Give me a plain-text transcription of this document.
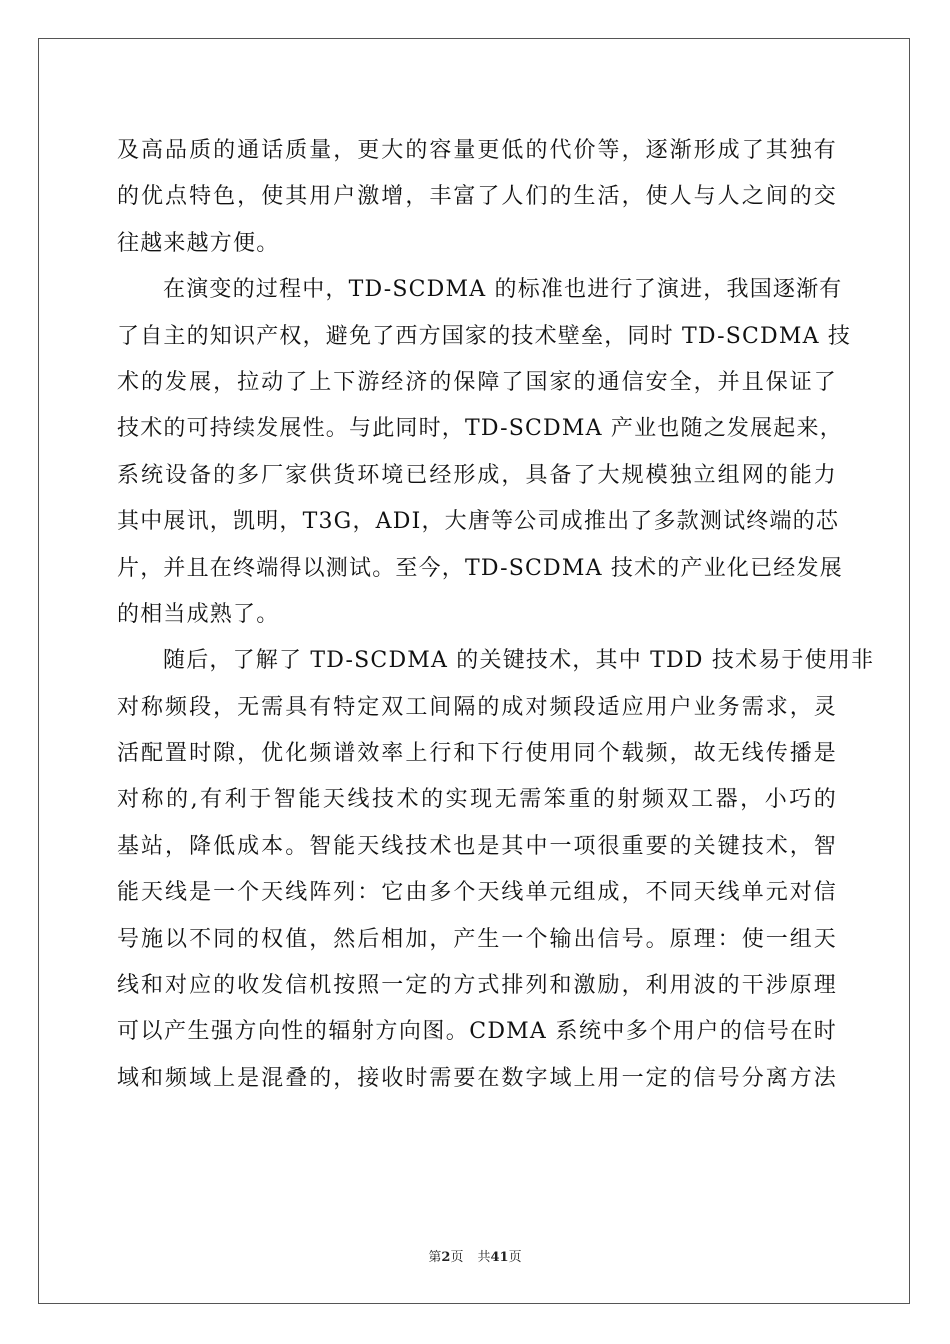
及高品质的通话质量，更大的容量更低的代价等，逐渐形成了其独有
的优点特色，使其用户激增，丰富了人们的生活，使人与人之间的交
往越来越方便。
在演变的过程中，TD-SCDMA 的标准也进行了演进，我国逐渐有
了自主的知识产权，避免了西方国家的技术壁垒，同时 TD-SCDMA 技
术的发展，拉动了上下游经济的保障了国家的通信安全，并且保证了
技术的可持续发展性。与此同时，TD-SCDMA 产业也随之发展起来，
系统设备的多厂家供货环境已经形成，具备了大规模独立组网的能力
其中展讯，凯明，T3G，ADI，大唐等公司成推出了多款测试终端的芯
片，并且在终端得以测试。至今，TD-SCDMA 技术的产业化已经发展
的相当成熟了。
随后，了解了 TD-SCDMA 的关键技术，其中 TDD 技术易于使用非
对称频段，无需具有特定双工间隔的成对频段适应用户业务需求，灵
活配置时隙，优化频谱效率上行和下行使用同个载频，故无线传播是
对称的,有利于智能天线技术的实现无需笨重的射频双工器，小巧的
基站，降低成本。智能天线技术也是其中一项很重要的关键技术，智
能天线是一个天线阵列：它由多个天线单元组成，不同天线单元对信
号施以不同的权值，然后相加，产生一个输出信号。原理：使一组天
线和对应的收发信机按照一定的方式排列和激励，利用波的干涉原理
可以产生强方向性的辐射方向图。CDMA 系统中多个用户的信号在时
域和频域上是混叠的，接收时需要在数字域上用一定的信号分离方法
第2页 共41页
